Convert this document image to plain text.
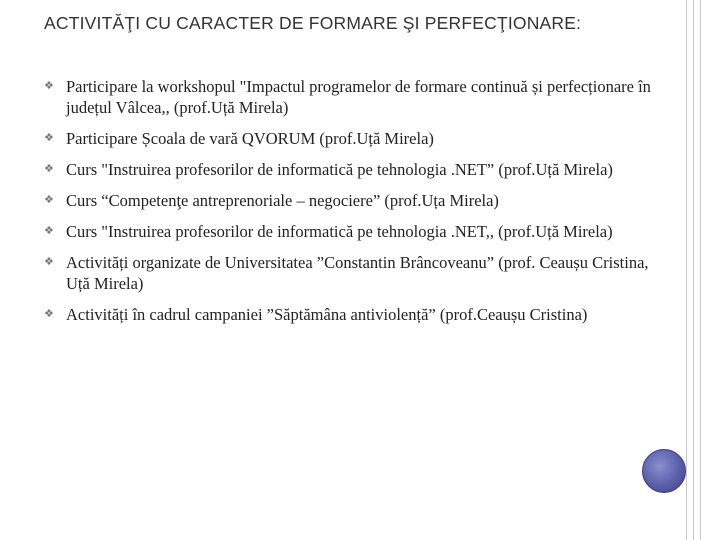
ACTIVITĂŢI CU CARACTER DE FORMARE ŞI PERFECŢIONARE:
❖ Participare la workshopul "Impactul programelor de formare continuă și perfecționare în județul Vâlcea,, (prof.Uță Mirela)
❖ Participare Școala de vară QVORUM (prof.Uță Mirela)
❖ Curs "Instruirea profesorilor de informatică pe tehnologia .NET” (prof.Uță Mirela)
❖ Curs “Competenţe antreprenoriale – negociere” (prof.Uța Mirela)
❖ Curs "Instruirea profesorilor de informatică pe tehnologia .NET,, (prof.Uță Mirela)
❖ Activități organizate de Universitatea ”Constantin Brâncoveanu” (prof. Ceaușu Cristina, Uță Mirela)
❖ Activități în cadrul campaniei ”Săptămâna antiviolență” (prof.Ceaușu Cristina)
